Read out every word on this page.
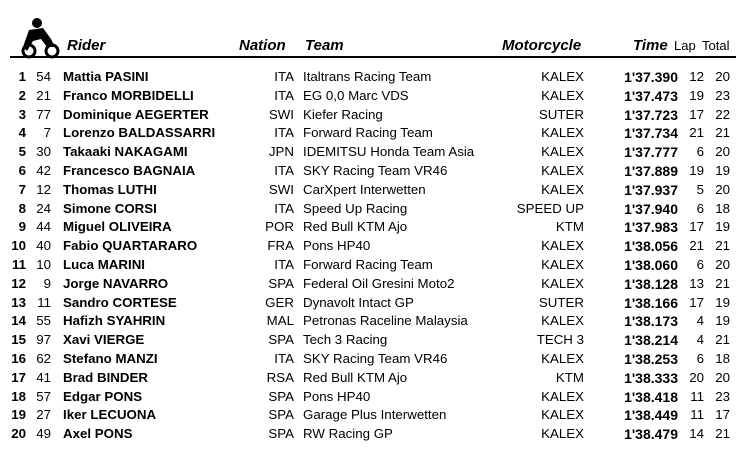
Rider	Nation Team	Motorcycle	Time Lap Total
1 54 Mattia PASINI	ITA Italtrans Racing Team	KALEX	1'37.390 12 20
2 21 Franco MORBIDELLI	ITA EG 0,0 Marc VDS	KALEX	1'37.473 19 23
3 77 Dominique AEGERTER	SWI Kiefer Racing	SUTER	1'37.723 17 22
4	7 Lorenzo BALDASSARRI	ITA Forward Racing Team	KALEX	1'37.734 21 21
5 30 Takaaki NAKAGAMI	JPN IDEMITSU Honda Team Asia	KALEX	1'37.777	6 20
6 42 Francesco BAGNAIA	ITA SKY Racing Team VR46	KALEX	1'37.889 19 19
7 12 Thomas LUTHI	SWI CarXpert Interwetten	KALEX	1'37.937	5 20
8 24 Simone CORSI	ITA Speed Up Racing	SPEED UP	1'37.940	6 18
9 44 Miguel OLIVEIRA	POR Red Bull KTM Ajo	KTM	1'37.983 17 19
10 40 Fabio QUARTARARO	FRA Pons HP40	KALEX	1'38.056 21 21
11 10 Luca MARINI	ITA Forward Racing Team	KALEX	1'38.060	6 20
12	9 Jorge NAVARRO	SPA Federal Oil Gresini Moto2	KALEX	1'38.128 13 21
13 11 Sandro CORTESE	GER Dynavolt Intact GP	SUTER	1'38.166 17 19
14 55 Hafizh SYAHRIN	MAL Petronas Raceline Malaysia	KALEX	1'38.173	4 19
15 97 Xavi VIERGE	SPA Tech 3 Racing	TECH 3	1'38.214	4 21
16 62 Stefano MANZI	ITA SKY Racing Team VR46	KALEX	1'38.253	6 18
17 41 Brad BINDER	RSA Red Bull KTM Ajo	KTM	1'38.333 20 20
18 57 Edgar PONS	SPA Pons HP40	KALEX	1'38.418 11 23
19 27 Iker LECUONA	SPA Garage Plus Interwetten	KALEX	1'38.449 11 17
20 49 Axel PONS	SPA RW Racing GP	KALEX	1'38.479 14 21
